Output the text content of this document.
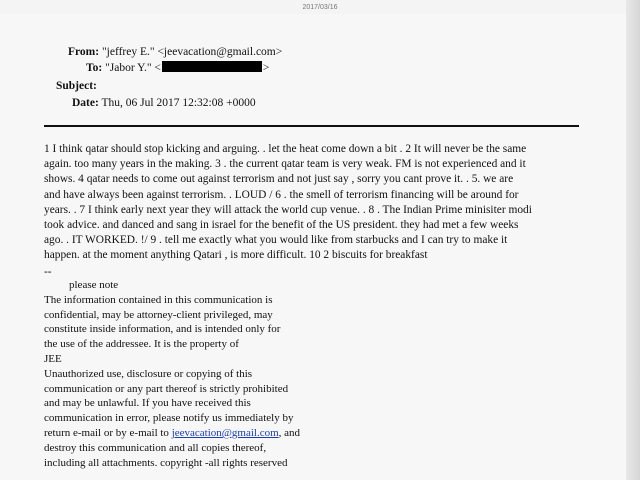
2017/03/16
From: "jeffrey E." <jeevacation@gmail.com>
To: "Jabor Y." <	>
Subject:
Date: Thu, 06 Jul 2017 12:32:08 +0000

1 I think qatar should stop kicking and arguing. . let the heat come down a bit . 2 It will never be the same

again. too many years in the making. 3 . the current qatar team is very weak. FM is not experienced and it

shows. 4 qatar needs to come out against terrorism and not just say , sorry you cant prove it. . 5. we are

and have always been against terrorism. . LOUD / 6 . the smell of terrorism financing will be around for

years. . 7 I think early next year they will attack the world cup venue. . 8 . The Indian Prime minisiter modi

took advice. and danced and sang in israel for the benefit of the US president. they had met a few weeks

ago. . IT WORKED. !/ 9 . tell me exactly what you would like from starbucks and I can try to make it

happen. at the moment anything Qatari , is more difficult. 10 2 biscuits for breakfast

--

please note

The information contained in this communication is

confidential, may be attorney-client privileged, may

constitute inside information, and is intended only for

the use of the addressee. It is the property of

JEE

Unauthorized use, disclosure or copying of this

communication or any part thereof is strictly prohibited

and may be unlawful. If you have received this

communication in error, please notify us immediately by

return e-mail or by e-mail to jeevacation@gmail.com, and

destroy this communication and all copies thereof,

including all attachments. copyright -all rights reserved
